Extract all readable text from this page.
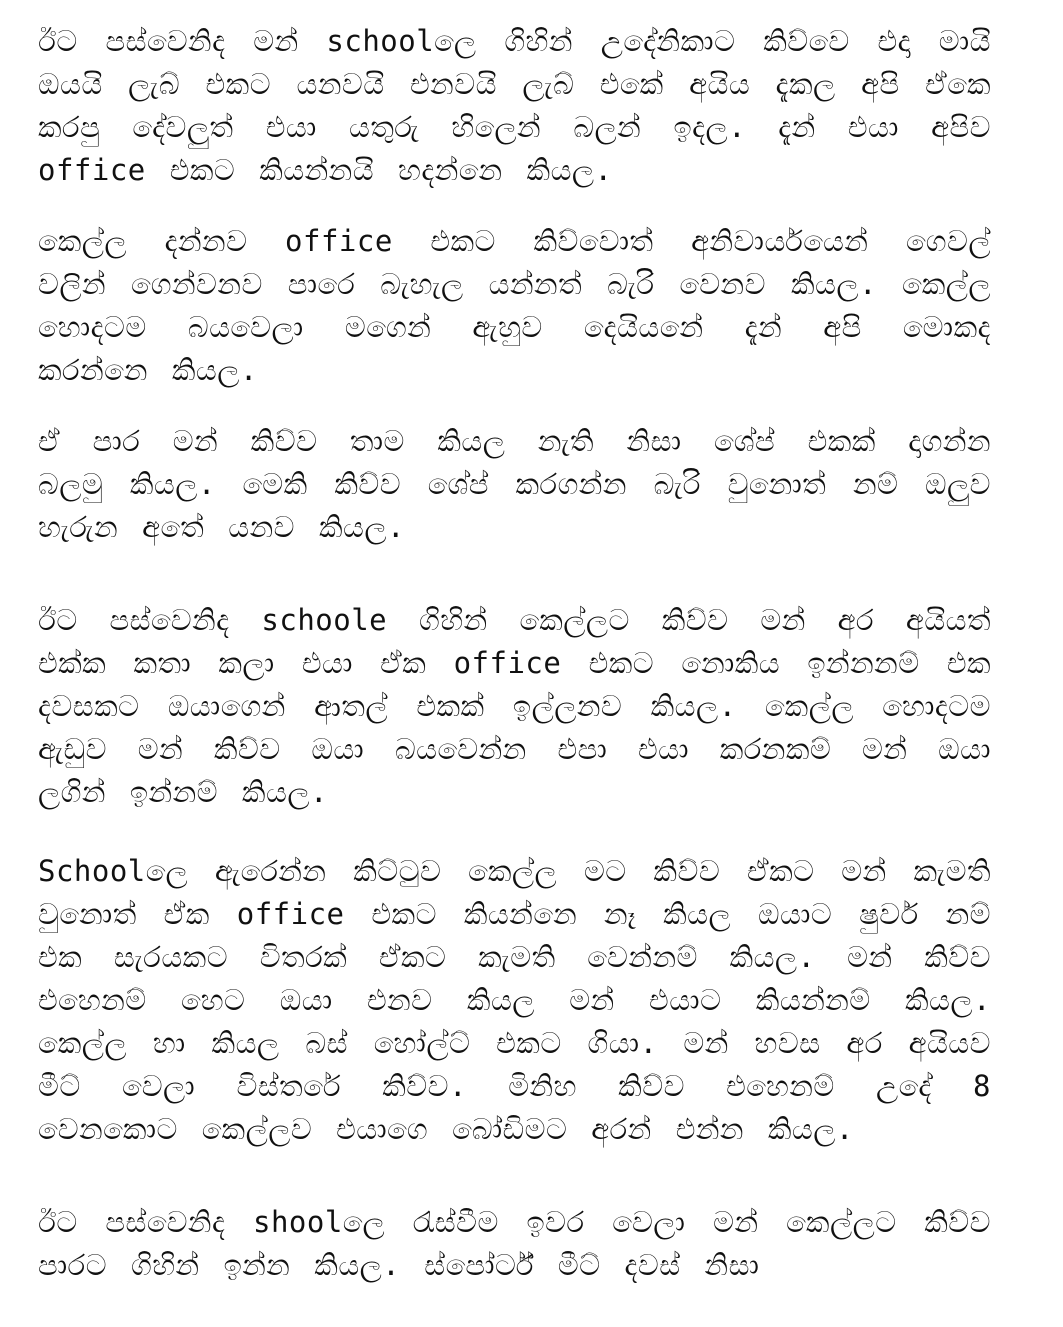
ඊට පස්වෙනිද මන් schoolලෙ ගිහින් උදේනිකාට කිව්වෙ එදා මායි ඔයයි ලැබ් එකට යනවයි එනවයි ලැබ් එකේ අයිය දැකල අපි ඒකෙ කරපු දේවලුත් එයා යතුරු හිලෙන් බලන් ඉදල. දැන් එයා අපිව office එකට කියන්නයි හදන්නෙ කියල.

කෙල්ල දන්නව office එකට කිව්වොත් අනිවාර්යයෙන් ගෙවල් වලින් ගෙන්වනව පාරෙ බැහැල යන්නත් බැරි වෙනව කියල. කෙල්ල හොදටම බයවෙලා මගෙන් ඇහුව දෙයියනේ දැන් අපි මොකද කරන්නෙ කියල.

ඒ පාර මන් කිව්ව තාම කියල නැති නිසා ශේප් එකක් දාගන්න බලමු කියල. මෙකි කිව්ව ශේප් කරගන්න බැරි වුනොත් නම් ඔලුව හැරුන අතේ යනව කියල.

ඊට පස්වෙනිද schoole ගිහින් කෙල්ලට කිව්ව මන් අර අයියත් එක්ක කතා කලා එයා ඒක office එකට නොකිය ඉන්නනම් එක දවසකට ඔයාගෙන් ආතල් එකක් ඉල්ලනව කියල. කෙල්ල හොදටම ඇඩුව මන් කිව්ව ඔයා බයවෙන්න එපා එයා කරනකම් මන් ඔයා ලගින් ඉන්නම් කියල.

Schoolලෙ ඇරෙන්න කිට්ටුව කෙල්ල මට කිව්ව ඒකට මන් කැමති වුනොත් ඒක office එකට කියන්නෙ නෑ කියල ඔයාට ෂුවර් නම් එක සැරයකට විතරක් ඒකට කැමති වෙන්නම් කියල. මන් කිව්ව එහෙනම් හෙට ඔයා එනව කියල මන් එයාට කියන්නම් කියල. කෙල්ල හා කියල බස් හෝල්ට් එකට ගියා. මන් හවස අර අයියව මීට් වෙලා විස්තරේ කිව්ව. මිනිහ කිව්ව එහෙනම් උදේ 8 වෙනකොට කෙල්ලව එයාගෙ බෝඩිමට අරන් එන්න කියල.

ඊට පස්වෙනිද shoolලෙ රැස්වීම ඉවර වෙලා මන් කෙල්ලට කිව්ව පාරට ගිහින් ඉන්න කියල. ස්පෝර්ට් මීට් දවස් නිසා
